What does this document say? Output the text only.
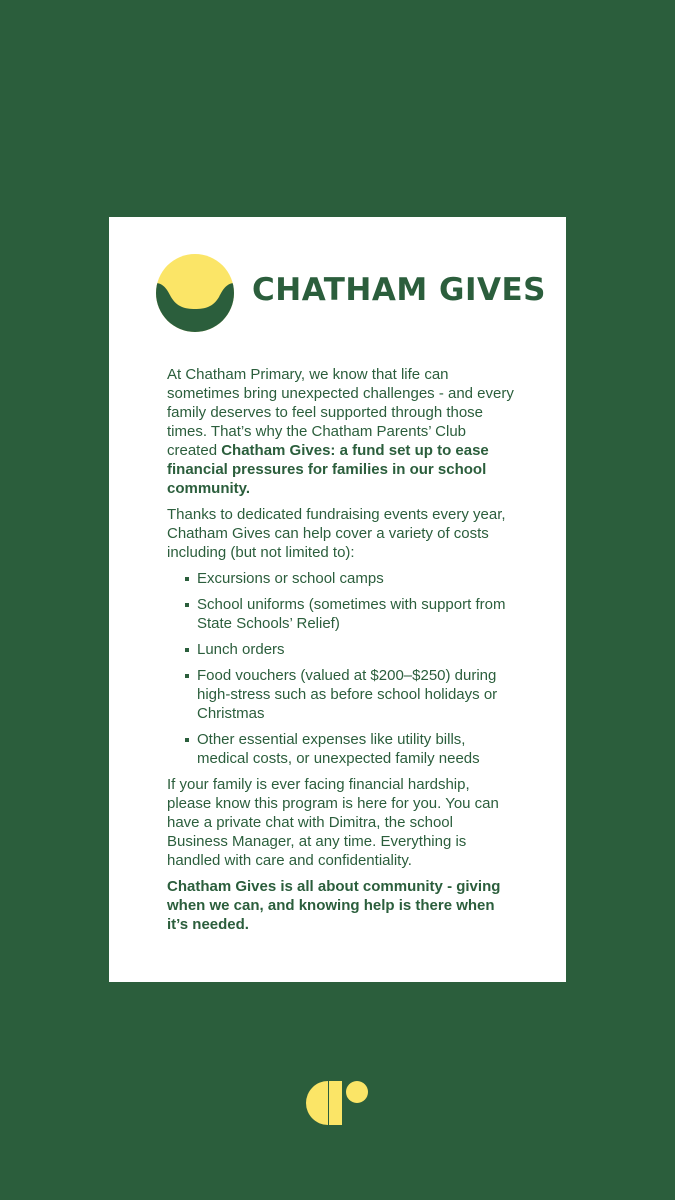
CHATHAM GIVES

At Chatham Primary, we know that life can sometimes bring unexpected challenges - and every family deserves to feel supported through those times. That’s why the Chatham Parents’ Club created Chatham Gives: a fund set up to ease financial pressures for families in our school community.

Thanks to dedicated fundraising events every year, Chatham Gives can help cover a variety of costs including (but not limited to):

Excursions or school camps
School uniforms (sometimes with support from State Schools’ Relief)
Lunch orders
Food vouchers (valued at $200–$250) during high-stress such as before school holidays or Christmas
Other essential expenses like utility bills, medical costs, or unexpected family needs

If your family is ever facing financial hardship, please know this program is here for you. You can have a private chat with Dimitra, the school Business Manager, at any time. Everything is handled with care and confidentiality.

Chatham Gives is all about community - giving when we can, and knowing help is there when it’s needed.
